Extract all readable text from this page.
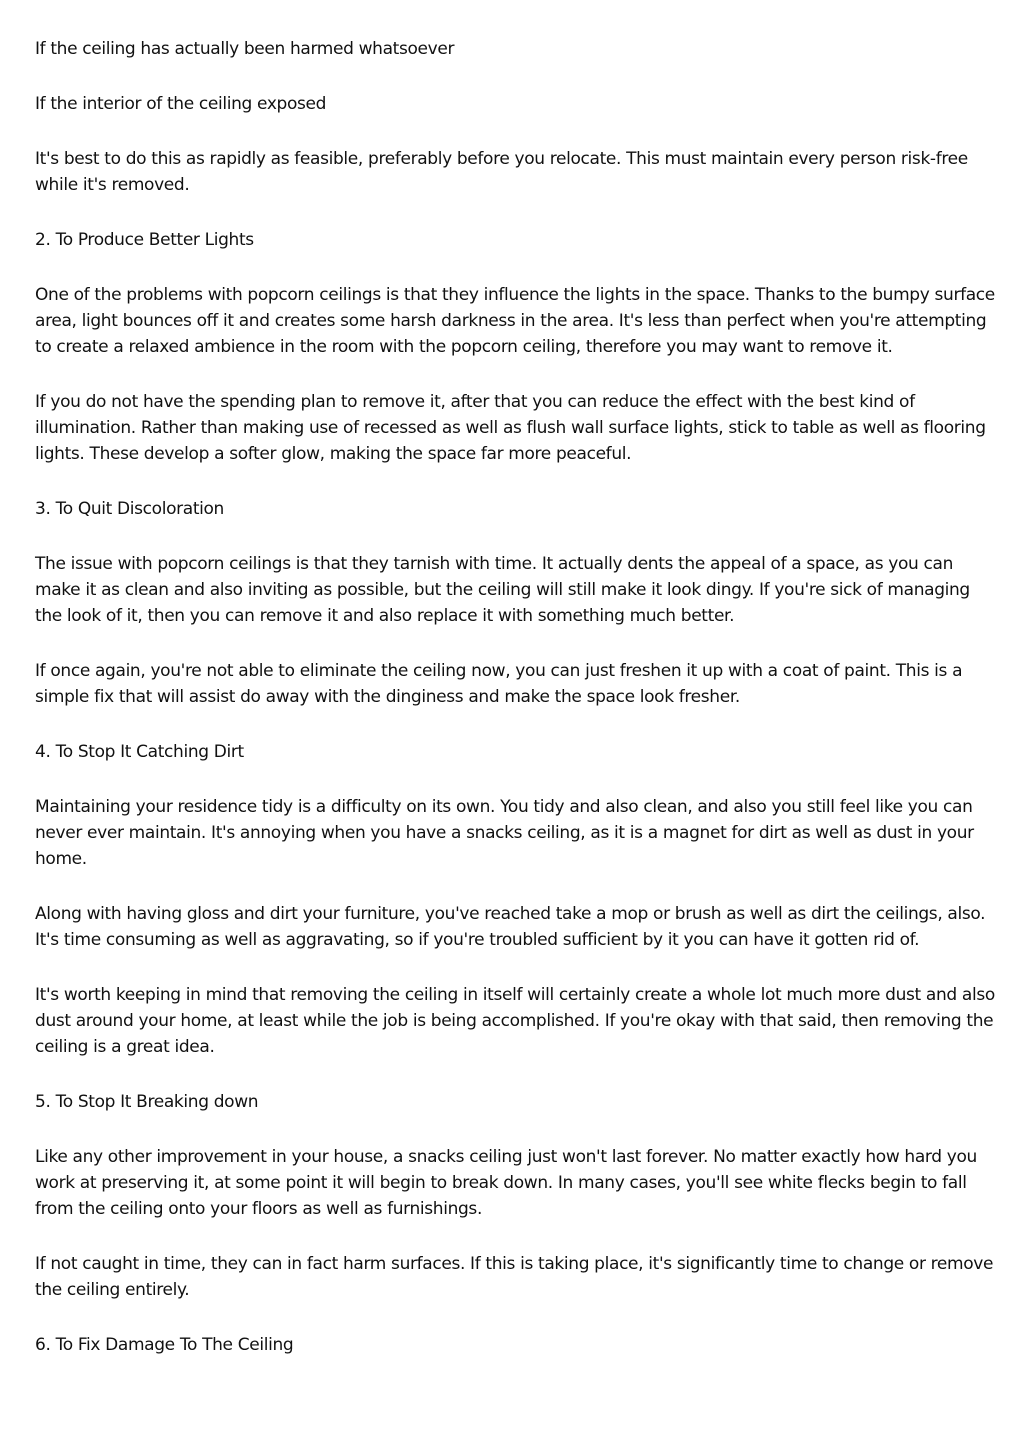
If the ceiling has actually been harmed whatsoever

If the interior of the ceiling exposed

It's best to do this as rapidly as feasible, preferably before you relocate. This must maintain every person risk-free while it's removed.

2. To Produce Better Lights

One of the problems with popcorn ceilings is that they influence the lights in the space. Thanks to the bumpy surface area, light bounces off it and creates some harsh darkness in the area. It's less than perfect when you're attempting to create a relaxed ambience in the room with the popcorn ceiling, therefore you may want to remove it.

If you do not have the spending plan to remove it, after that you can reduce the effect with the best kind of illumination. Rather than making use of recessed as well as flush wall surface lights, stick to table as well as flooring lights. These develop a softer glow, making the space far more peaceful.

3. To Quit Discoloration

The issue with popcorn ceilings is that they tarnish with time. It actually dents the appeal of a space, as you can make it as clean and also inviting as possible, but the ceiling will still make it look dingy. If you're sick of managing the look of it, then you can remove it and also replace it with something much better.

If once again, you're not able to eliminate the ceiling now, you can just freshen it up with a coat of paint. This is a simple fix that will assist do away with the dinginess and make the space look fresher.

4. To Stop It Catching Dirt

Maintaining your residence tidy is a difficulty on its own. You tidy and also clean, and also you still feel like you can never ever maintain. It's annoying when you have a snacks ceiling, as it is a magnet for dirt as well as dust in your home.

Along with having gloss and dirt your furniture, you've reached take a mop or brush as well as dirt the ceilings, also. It's time consuming as well as aggravating, so if you're troubled sufficient by it you can have it gotten rid of.

It's worth keeping in mind that removing the ceiling in itself will certainly create a whole lot much more dust and also dust around your home, at least while the job is being accomplished. If you're okay with that said, then removing the ceiling is a great idea.

5. To Stop It Breaking down

Like any other improvement in your house, a snacks ceiling just won't last forever. No matter exactly how hard you work at preserving it, at some point it will begin to break down. In many cases, you'll see white flecks begin to fall from the ceiling onto your floors as well as furnishings.

If not caught in time, they can in fact harm surfaces. If this is taking place, it's significantly time to change or remove the ceiling entirely.

6. To Fix Damage To The Ceiling
